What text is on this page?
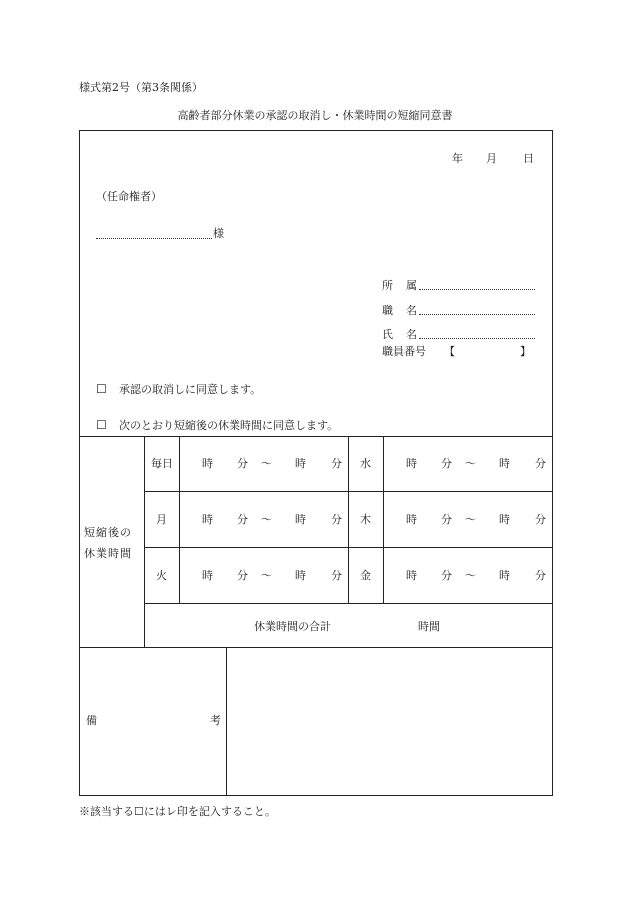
様式第2号（第3条関係）
高齢者部分休業の承認の取消し・休業時間の短縮同意書
年 月 日
（任命権者）
様
所 属
職 名
氏 名
職員番号 【	】
☐ 承認の取消しに同意します。
☐ 次のとおり短縮後の休業時間に同意します。
短縮後の
休業時間
毎日	時 分 〜 時 分 水	時 分 〜 時 分
月	時 分 〜 時 分 木	時 分 〜 時 分
火	時 分 〜 時 分 金	時 分 〜 時 分
休業時間の合計	時間
備	考
※該当する☐にはレ印を記入すること。
